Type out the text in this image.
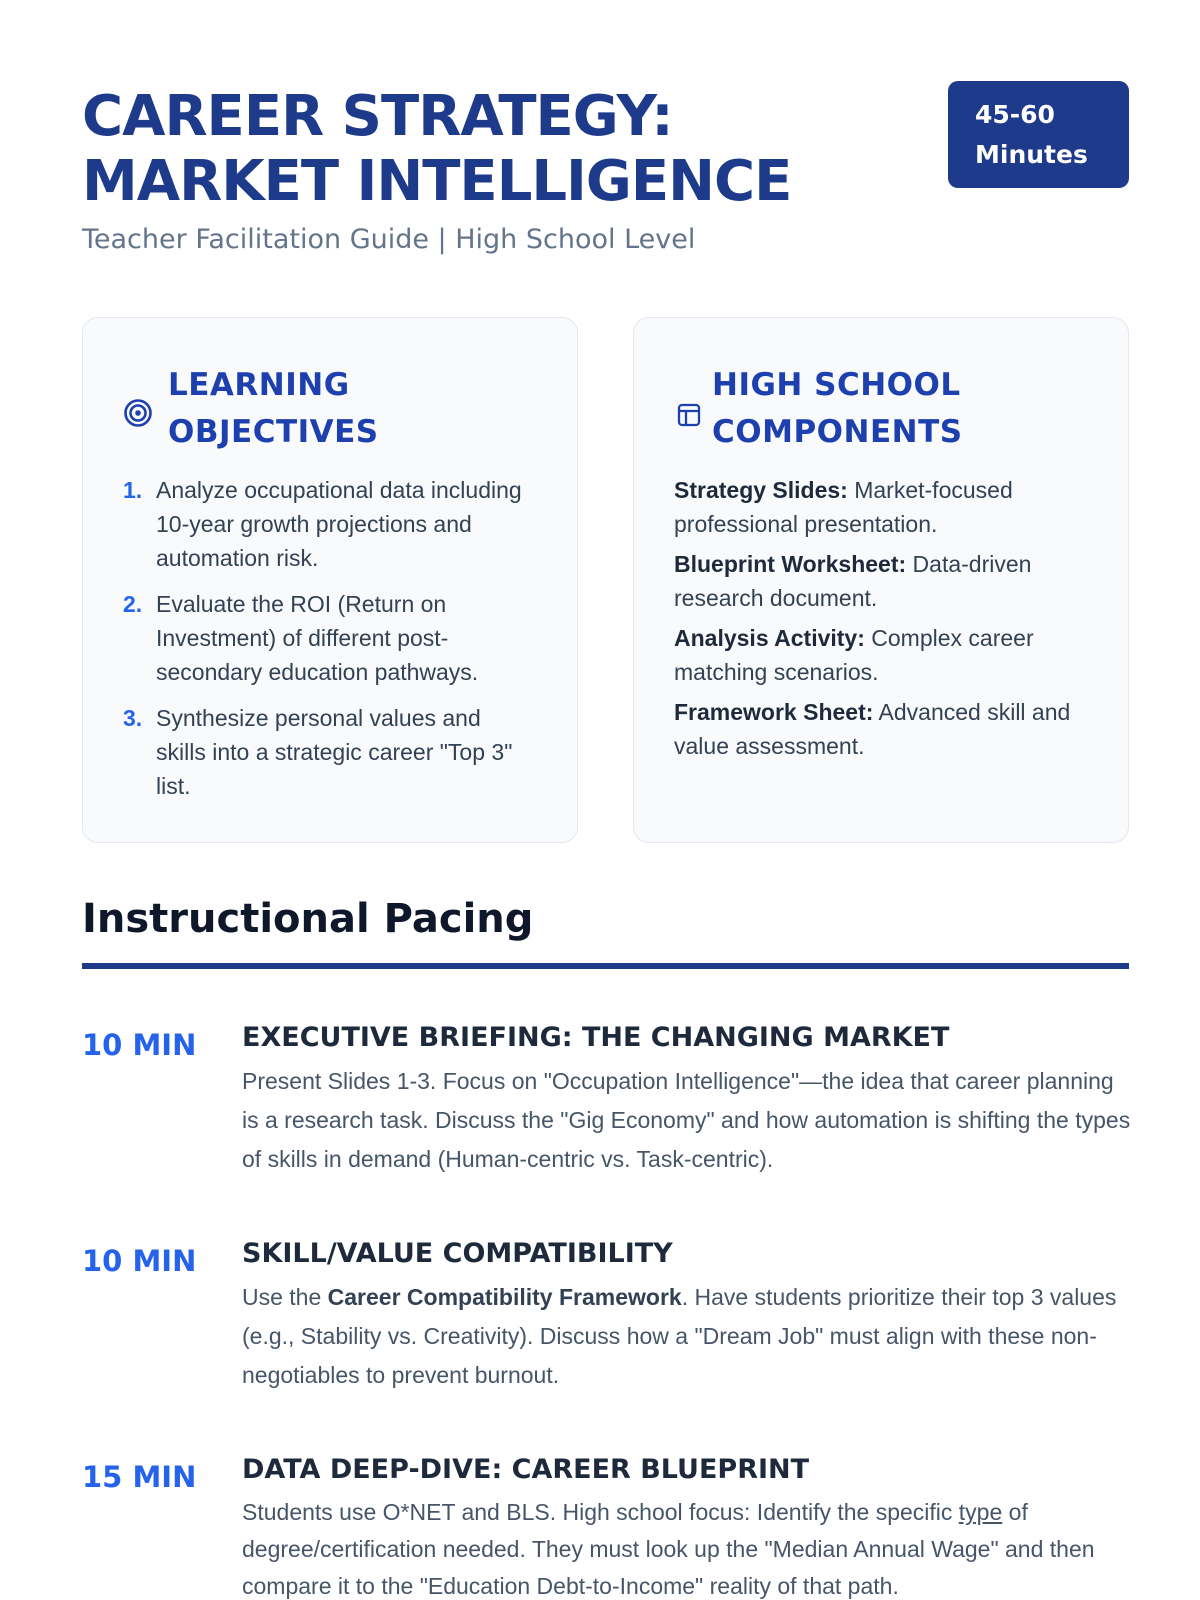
CAREER STRATEGY:
MARKET INTELLIGENCE
Teacher Facilitation Guide | High School Level
45-60
Minutes
LEARNING
OBJECTIVES
1. Analyze occupational data including 10-year growth projections and automation risk.
2. Evaluate the ROI (Return on Investment) of different post-secondary education pathways.
3. Synthesize personal values and skills into a strategic career "Top 3" list.
HIGH SCHOOL
COMPONENTS

Strategy Slides: Market-focused professional presentation.

Blueprint Worksheet: Data-driven research document.

Analysis Activity: Complex career matching scenarios.

Framework Sheet: Advanced skill and value assessment.

Instructional Pacing
10 MIN EXECUTIVE BRIEFING: THE CHANGING MARKET

Present Slides 1-3. Focus on "Occupation Intelligence"—the idea that career planning is a research task. Discuss the "Gig Economy" and how automation is shifting the types of skills in demand (Human-centric vs. Task-centric).

10 MIN SKILL/VALUE COMPATIBILITY

Use the Career Compatibility Framework. Have students prioritize their top 3 values (e.g., Stability vs. Creativity). Discuss how a "Dream Job" must align with these non-negotiables to prevent burnout.

15 MIN DATA DEEP-DIVE: CAREER BLUEPRINT

Students use O*NET and BLS. High school focus: Identify the specific type of degree/certification needed. They must look up the "Median Annual Wage" and then compare it to the "Education Debt-to-Income" reality of that path.
